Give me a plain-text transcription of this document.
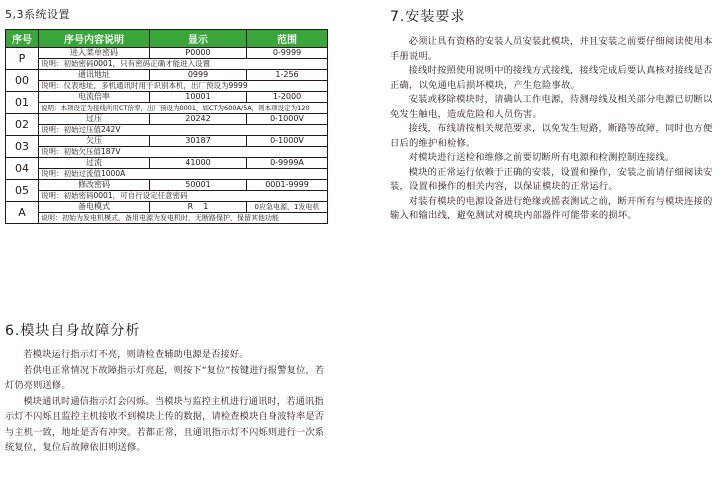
5,3系统设置
序号	序号内容说明	显示	范围
P	进入菜单密码	P0000	0-9999
	说明：初始密码0001，只有密码正确才能进入设置		
00	通讯地址	0999	1-256
	说明：仪表地址，多机通讯时用于识别本机，出厂预设为9999		
01	电流倍率	10001	1-2000
	说明：本项设定为接线所用CT倍率，出厂预设为0001，如CT为600A/5A，则本项设定为120		
02	过压	20242	0-1000V
	说明：初始过压值242V		
03	欠压	30187	0-1000V
	说明：初始欠压值187V		
04	过流	41000	0-9999A
	说明：初始过流值1000A		
05	修改密码	50001	0001-9999
	说明：初始密码0001，可自行设定任意密码		
A	备电模式	R    1	0应急电源，1发电机
	说明：初始为发电机模式，备用电源为发电机时，无断路保护，保留其他功能		
6.模块自身故障分析

若模块运行指示灯不亮，则请检查辅助电源是否接好。

若供电正常情况下故障指示灯亮起，则按下“复位”按键进行报警复位，若灯仍亮则送修。

模块通讯时通信指示灯会闪烁。当模块与监控主机进行通讯时，若通讯指示灯不闪烁且监控主机接收不到模块上传的数据，请检查模块自身波特率是否与主机一致，地址是否有冲突。若都正常，且通讯指示灯不闪烁则进行一次系统复位，复位后故障依旧则送修。

7.安装要求

必须让具有资格的安装人员安装此模块，并且安装之前要仔细阅读使用本手册说明。

接线时按照使用说明中的接线方式接线，接线完成后要认真核对接线是否正确，以免通电后损坏模块，产生危险事故。

安装或移除模块时，请确认工作电源，待测母线及相关部分电源已切断以免发生触电，造成危险和人员伤害。

接线，布线请按相关规范要求，以免发生短路，断路等故障，同时也方便日后的维护和检修。

对模块进行送检和维修之前要切断所有电源和检测控制连接线。

模块的正常运行依赖于正确的安装，设置和操作，安装之前请仔细阅读安装，设置和操作的相关内容，以保证模块的正常运行。

对装有模块的电源设备进行绝缘或摇表测试之前，断开所有与模块连接的输入和输出线，避免测试对模块内部器件可能带来的损坏。
